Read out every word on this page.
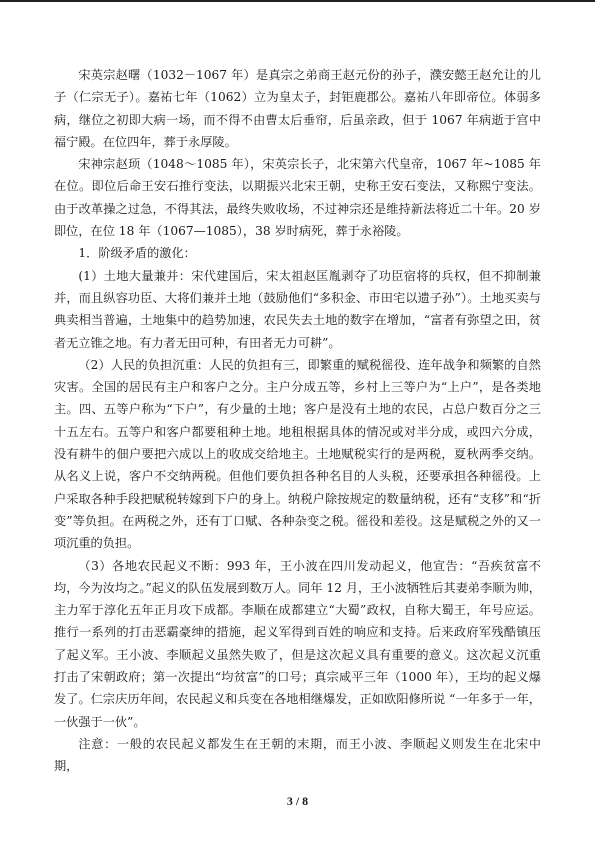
宋英宗赵曙（1032－1067 年）是真宗之弟商王赵元份的孙子，濮安懿王赵允让的儿子（仁宗无子）。嘉祐七年（1062）立为皇太子，封钜鹿郡公。嘉祐八年即帝位。体弱多病，继位之初即大病一场，而不得不由曹太后垂帘，后虽亲政，但于 1067 年病逝于宫中福宁殿。在位四年，葬于永厚陵。

宋神宗赵顼（1048～1085 年），宋英宗长子，北宋第六代皇帝，1067 年~1085 年在位。即位后命王安石推行变法，以期振兴北宋王朝，史称王安石变法，又称熙宁变法。由于改革操之过急，不得其法，最终失败收场，不过神宗还是维持新法将近二十年。20 岁即位，在位 18 年（1067—1085），38 岁时病死，葬于永裕陵。

1．阶级矛盾的激化：

(1）土地大量兼并：宋代建国后，宋太祖赵匡胤剥夺了功臣宿将的兵权，但不抑制兼并，而且纵容功臣、大将们兼并土地（鼓励他们“多积金、市田宅以遗子孙”）。土地买卖与典卖相当普遍，土地集中的趋势加速，农民失去土地的数字在增加，“富者有弥望之田，贫者无立锥之地。有力者无田可种，有田者无力可耕”。

（2）人民的负担沉重：人民的负担有三，即繁重的赋税徭役、连年战争和频繁的自然灾害。全国的居民有主户和客户之分。主户分成五等，乡村上三等户为“上户”，是各类地主。四、五等户称为“下户”，有少量的土地；客户是没有土地的农民，占总户数百分之三十五左右。五等户和客户都要租种土地。地租根据具体的情况或对半分成，或四六分成，没有耕牛的佃户要把六成以上的收成交给地主。土地赋税实行的是两税，夏秋两季交纳。从名义上说，客户不交纳两税。但他们要负担各种名目的人头税，还要承担各种徭役。上户采取各种手段把赋税转嫁到下户的身上。纳税户除按规定的数量纳税，还有“支移”和“折变”等负担。在两税之外，还有丁口赋、各种杂变之税。徭役和差役。这是赋税之外的又一项沉重的负担。

（3）各地农民起义不断：993 年，王小波在四川发动起义，他宣告：“吾疾贫富不均，今为汝均之。”起义的队伍发展到数万人。同年 12 月，王小波牺牲后其妻弟李顺为帅，主力军于淳化五年正月攻下成都。李顺在成都建立“大蜀”政权，自称大蜀王，年号应运。推行一系列的打击恶霸豪绅的措施，起义军得到百姓的响应和支持。后来政府军残酷镇压了起义军。王小波、李顺起义虽然失败了，但是这次起义具有重要的意义。这次起义沉重打击了宋朝政府；第一次提出“均贫富”的口号；真宗咸平三年（1000 年），王均的起义爆发了。仁宗庆历年间，农民起义和兵变在各地相继爆发，正如欧阳修所说 “一年多于一年，一伙强于一伙”。

注意：一般的农民起义都发生在王朝的末期，而王小波、李顺起义则发生在北宋中期，

3 / 8
